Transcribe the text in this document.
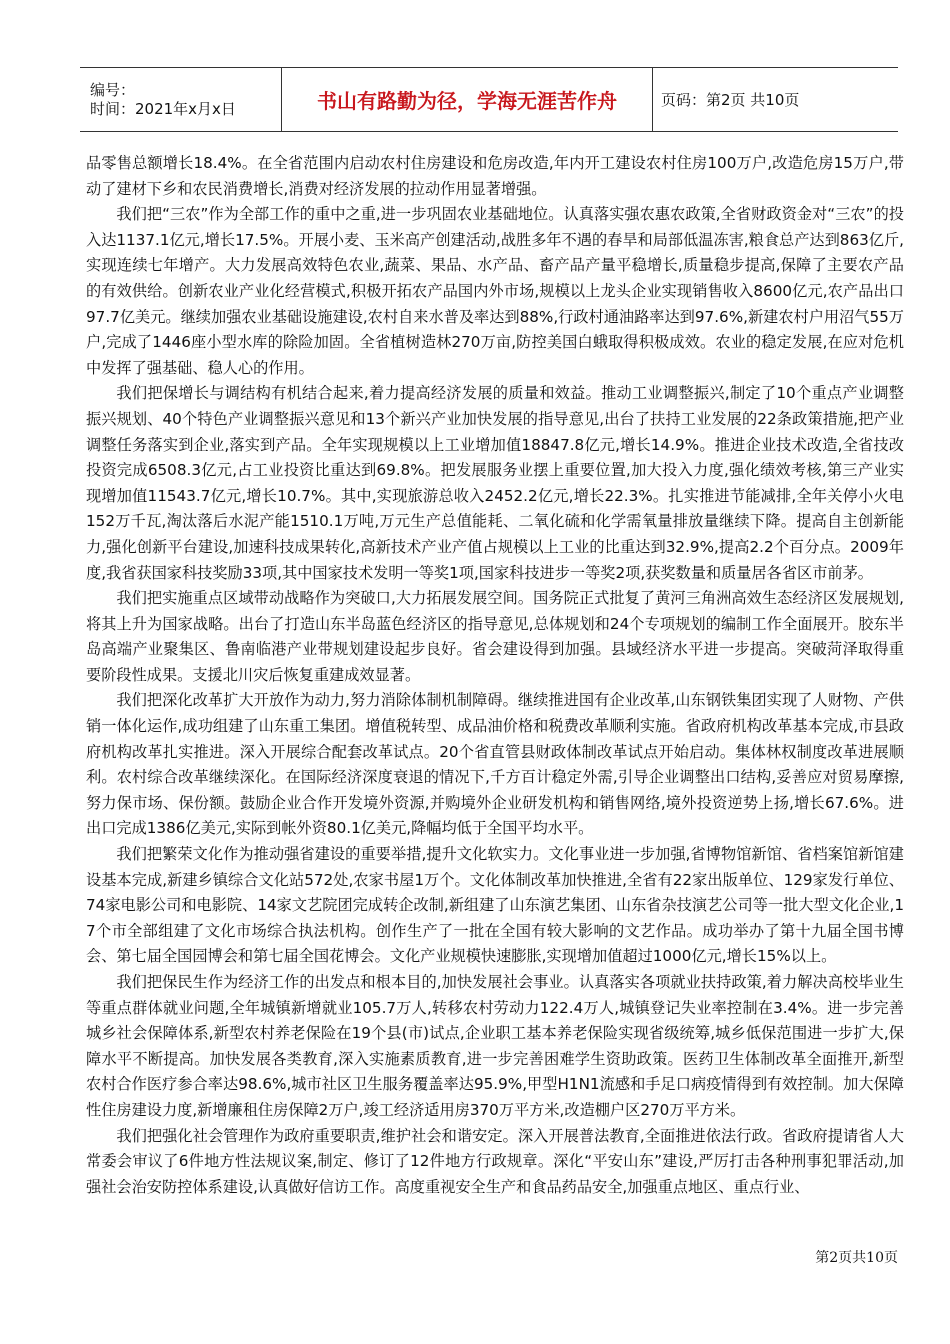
编号：
时间：2021年x月x日	书山有路勤为径，学海无涯苦作舟	页码：第2页 共10页

品零售总额增长18.4%。在全省范围内启动农村住房建设和危房改造,年内开工建设农村住房100万户,改造危房15万户,带动了建材下乡和农民消费增长,消费对经济发展的拉动作用显著增强。

我们把“三农”作为全部工作的重中之重,进一步巩固农业基础地位。认真落实强农惠农政策,全省财政资金对“三农”的投入达1137.1亿元,增长17.5%。开展小麦、玉米高产创建活动,战胜多年不遇的春旱和局部低温冻害,粮食总产达到863亿斤,实现连续七年增产。大力发展高效特色农业,蔬菜、果品、水产品、畜产品产量平稳增长,质量稳步提高,保障了主要农产品的有效供给。创新农业产业化经营模式,积极开拓农产品国内外市场,规模以上龙头企业实现销售收入8600亿元,农产品出口97.7亿美元。继续加强农业基础设施建设,农村自来水普及率达到88%,行政村通油路率达到97.6%,新建农村户用沼气55万户,完成了1446座小型水库的除险加固。全省植树造林270万亩,防控美国白蛾取得积极成效。农业的稳定发展,在应对危机中发挥了强基础、稳人心的作用。

我们把保增长与调结构有机结合起来,着力提高经济发展的质量和效益。推动工业调整振兴,制定了10个重点产业调整振兴规划、40个特色产业调整振兴意见和13个新兴产业加快发展的指导意见,出台了扶持工业发展的22条政策措施,把产业调整任务落实到企业,落实到产品。全年实现规模以上工业增加值18847.8亿元,增长14.9%。推进企业技术改造,全省技改投资完成6508.3亿元,占工业投资比重达到69.8%。把发展服务业摆上重要位置,加大投入力度,强化绩效考核,第三产业实现增加值11543.7亿元,增长10.7%。其中,实现旅游总收入2452.2亿元,增长22.3%。扎实推进节能减排,全年关停小火电152万千瓦,淘汰落后水泥产能1510.1万吨,万元生产总值能耗、二氧化硫和化学需氧量排放量继续下降。提高自主创新能力,强化创新平台建设,加速科技成果转化,高新技术产业产值占规模以上工业的比重达到32.9%,提高2.2个百分点。2009年度,我省获国家科技奖励33项,其中国家技术发明一等奖1项,国家科技进步一等奖2项,获奖数量和质量居各省区市前茅。

我们把实施重点区域带动战略作为突破口,大力拓展发展空间。国务院正式批复了黄河三角洲高效生态经济区发展规划,将其上升为国家战略。出台了打造山东半岛蓝色经济区的指导意见,总体规划和24个专项规划的编制工作全面展开。胶东半岛高端产业聚集区、鲁南临港产业带规划建设起步良好。省会建设得到加强。县域经济水平进一步提高。突破菏泽取得重要阶段性成果。支援北川灾后恢复重建成效显著。

我们把深化改革扩大开放作为动力,努力消除体制机制障碍。继续推进国有企业改革,山东钢铁集团实现了人财物、产供销一体化运作,成功组建了山东重工集团。增值税转型、成品油价格和税费改革顺利实施。省政府机构改革基本完成,市县政府机构改革扎实推进。深入开展综合配套改革试点。20个省直管县财政体制改革试点开始启动。集体林权制度改革进展顺利。农村综合改革继续深化。在国际经济深度衰退的情况下,千方百计稳定外需,引导企业调整出口结构,妥善应对贸易摩擦,努力保市场、保份额。鼓励企业合作开发境外资源,并购境外企业研发机构和销售网络,境外投资逆势上扬,增长67.6%。进出口完成1386亿美元,实际到帐外资80.1亿美元,降幅均低于全国平均水平。

我们把繁荣文化作为推动强省建设的重要举措,提升文化软实力。文化事业进一步加强,省博物馆新馆、省档案馆新馆建设基本完成,新建乡镇综合文化站572处,农家书屋1万个。文化体制改革加快推进,全省有22家出版单位、129家发行单位、74家电影公司和电影院、14家文艺院团完成转企改制,新组建了山东演艺集团、山东省杂技演艺公司等一批大型文化企业,17个市全部组建了文化市场综合执法机构。创作生产了一批在全国有较大影响的文艺作品。成功举办了第十九届全国书博会、第七届全国园博会和第七届全国花博会。文化产业规模快速膨胀,实现增加值超过1000亿元,增长15%以上。

我们把保民生作为经济工作的出发点和根本目的,加快发展社会事业。认真落实各项就业扶持政策,着力解决高校毕业生等重点群体就业问题,全年城镇新增就业105.7万人,转移农村劳动力122.4万人,城镇登记失业率控制在3.4%。进一步完善城乡社会保障体系,新型农村养老保险在19个县(市)试点,企业职工基本养老保险实现省级统筹,城乡低保范围进一步扩大,保障水平不断提高。加快发展各类教育,深入实施素质教育,进一步完善困难学生资助政策。医药卫生体制改革全面推开,新型农村合作医疗参合率达98.6%,城市社区卫生服务覆盖率达95.9%,甲型H1N1流感和手足口病疫情得到有效控制。加大保障性住房建设力度,新增廉租住房保障2万户,竣工经济适用房370万平方米,改造棚户区270万平方米。

我们把强化社会管理作为政府重要职责,维护社会和谐安定。深入开展普法教育,全面推进依法行政。省政府提请省人大常委会审议了6件地方性法规议案,制定、修订了12件地方行政规章。深化“平安山东”建设,严厉打击各种刑事犯罪活动,加强社会治安防控体系建设,认真做好信访工作。高度重视安全生产和食品药品安全,加强重点地区、重点行业、

第2页共10页
